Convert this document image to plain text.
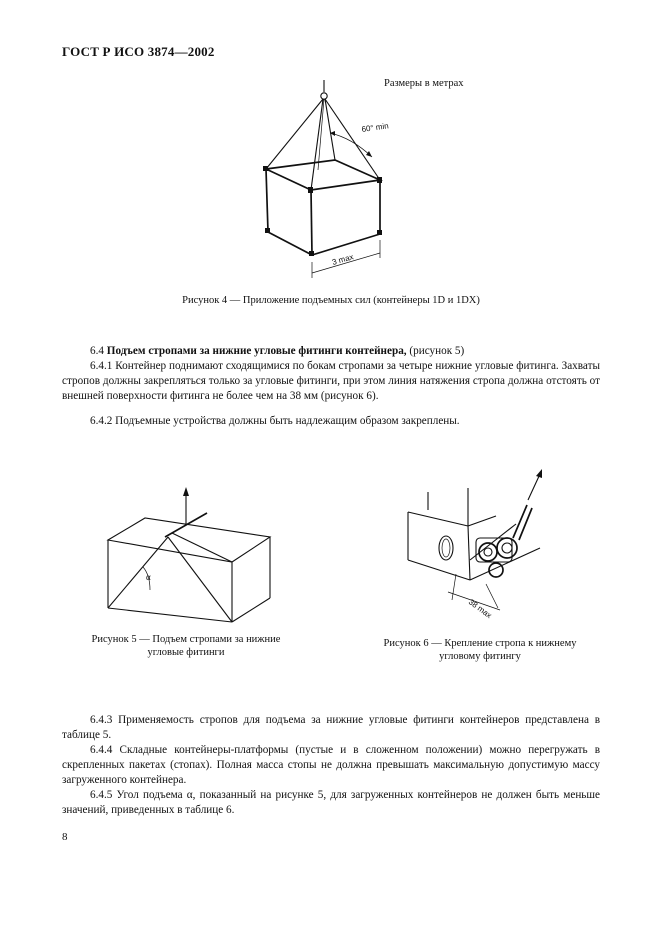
ГОСТ Р ИСО 3874—2002
Размеры в метрах
60° min
3 max
Рисунок 4 — Приложение подъемных сил (контейнеры 1D и 1DX)

6.4 Подъем стропами за нижние угловые фитинги контейнера, (рисунок 5)

6.4.1 Контейнер поднимают сходящимися по бокам стропами за четыре нижние угловые фитинга. Захваты стропов должны закрепляться только за угловые фитинги, при этом линия натяжения стропа должна отстоять от внешней поверхности фитинга не более чем на 38 мм (рисунок 6).

6.4.2 Подъемные устройства должны быть надлежащим образом закреплены.

α
Рисунок 5 — Подъем стропами за нижние угловые фитинги
38 max
Рисунок 6 — Крепление стропа к нижнему угловому фитингу

6.4.3 Применяемость стропов для подъема за нижние угловые фитинги контейнеров представлена в таблице 5.

6.4.4 Складные контейнеры-платформы (пустые и в сложенном положении) можно перегружать в скрепленных пакетах (стопах). Полная масса стопы не должна превышать максимальную допустимую массу загруженного контейнера.

6.4.5 Угол подъема α, показанный на рисунке 5, для загруженных контейнеров не должен быть меньше значений, приведенных в таблице 6.

8
